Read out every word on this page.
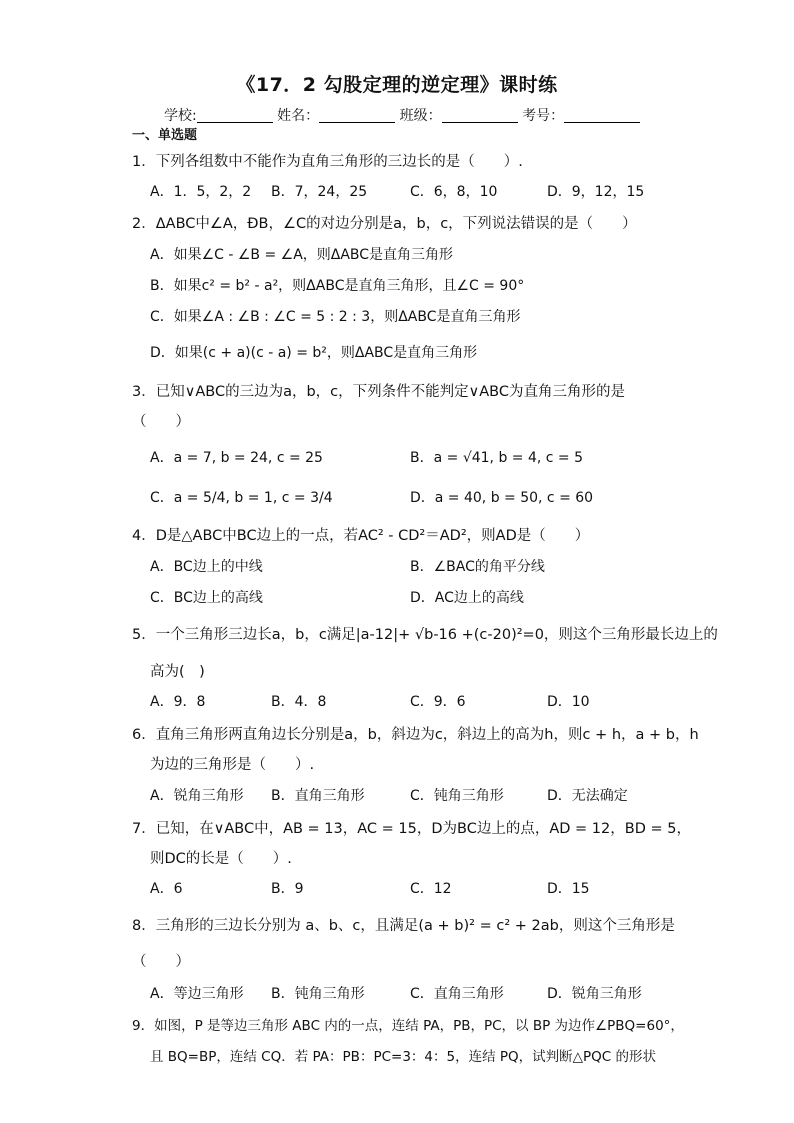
《17．2 勾股定理的逆定理》课时练
学校:	姓名：	班级：	考号：
一、单选题
1．下列各组数中不能作为直角三角形的三边长的是（　　）.
A．1．5，2，2 B．7，24，25	C．6，8，10	D．9，12，15
2．ΔABC中∠A，ÐB，∠C的对边分别是a，b，c，下列说法错误的是（　　）
A．如果∠C - ∠B = ∠A，则ΔABC是直角三角形
B．如果c² = b² - a²，则ΔABC是直角三角形，且∠C = 90°
C．如果∠A : ∠B : ∠C = 5 : 2 : 3，则ΔABC是直角三角形
D．如果(c + a)(c - a) = b²，则ΔABC是直角三角形
3．已知∨ABC的三边为a，b，c，下列条件不能判定∨ABC为直角三角形的是
（　　）
A．a = 7, b = 24, c = 25	B．a = √41, b = 4, c = 5
C．a = 5/4, b = 1, c = 3/4	D．a = 40, b = 50, c = 60
4．D是△ABC中BC边上的一点，若AC² - CD²＝AD²，则AD是（　　）
A．BC边上的中线	B．∠BAC的角平分线
C．BC边上的高线	D．AC边上的高线
5．一个三角形三边长a，b，c满足|a-12|+ √b-16 +(c-20)²=0，则这个三角形最长边上的
高为(　)
A．9．8	B．4．8	C．9．6	D．10
6．直角三角形两直角边长分别是a，b，斜边为c，斜边上的高为h，则c + h，a + b，h
为边的三角形是（　　）.
A．锐角三角形 B．直角三角形	C．钝角三角形	D．无法确定
7．已知，在∨ABC中，AB = 13，AC = 15，D为BC边上的点，AD = 12，BD = 5，
则DC的长是（　　）.
A．6	B．9	C．12	D．15
8．三角形的三边长分别为 a、b、c，且满足(a + b)² = c² + 2ab，则这个三角形是
（　　）
A．等边三角形 B．钝角三角形	C．直角三角形	D．锐角三角形
9．如图，P 是等边三角形 ABC 内的一点，连结 PA，PB，PC，以 BP 为边作∠PBQ=60°，
且 BQ=BP，连结 CQ．若 PA：PB：PC=3：4：5，连结 PQ，试判断△PQC 的形状
